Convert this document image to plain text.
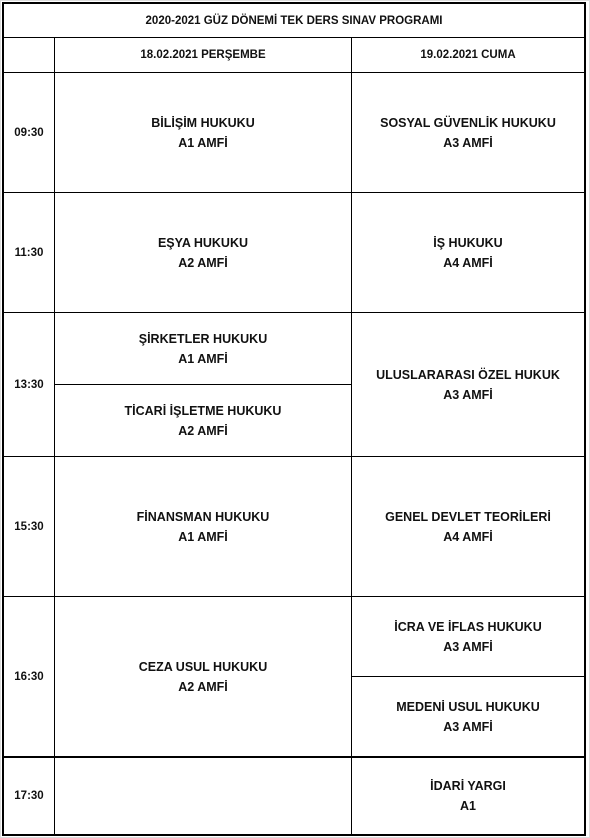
2020-2021 GÜZ DÖNEMİ TEK DERS SINAV PROGRAMI
18.02.2021 PERŞEMBE	19.02.2021 CUMA
09:30
BİLİŞİM HUKUKU
A1 AMFİ
SOSYAL GÜVENLİK HUKUKU
A3 AMFİ
11:30
EŞYA HUKUKU
A2 AMFİ
İŞ HUKUKU
A4 AMFİ
13:30
ŞİRKETLER HUKUKU
A1 AMFİ
TİCARİ İŞLETME HUKUKU
A2 AMFİ
ULUSLARARASI ÖZEL HUKUK
A3 AMFİ
15:30
FİNANSMAN HUKUKU
A1 AMFİ
GENEL DEVLET TEORİLERİ
A4 AMFİ
16:30
CEZA USUL HUKUKU
A2 AMFİ
İCRA VE İFLAS HUKUKU
A3 AMFİ
MEDENİ USUL HUKUKU
A3 AMFİ
17:30
İDARİ YARGI
A1
